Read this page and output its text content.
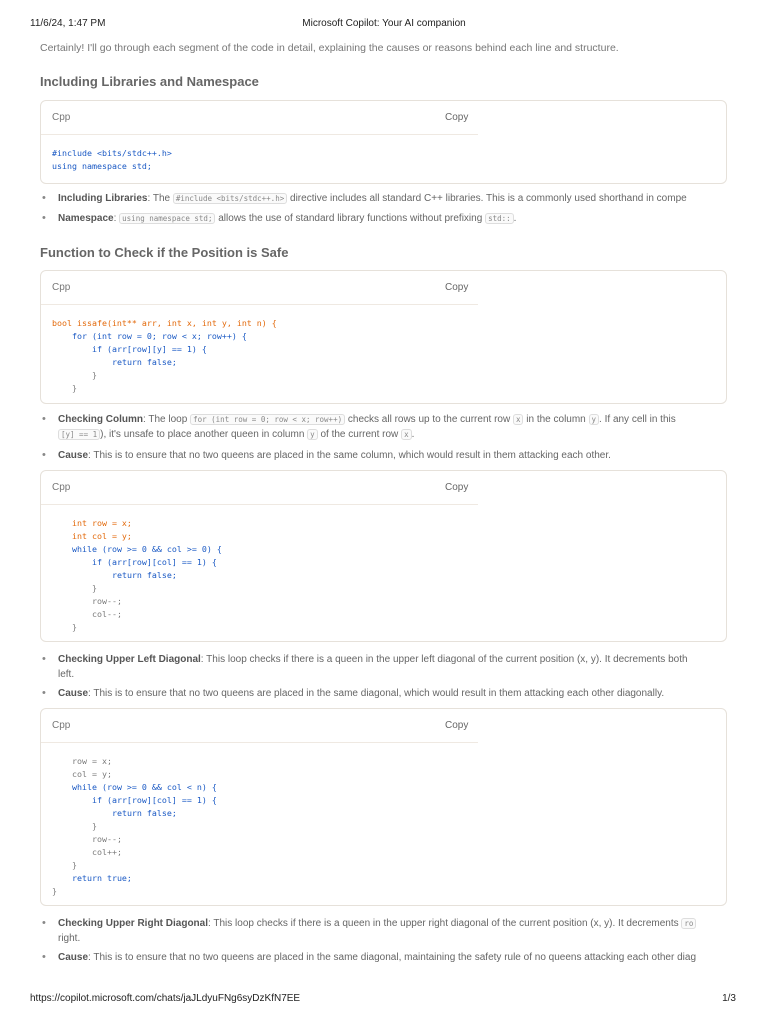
11/6/24, 1:47 PM	Microsoft Copilot: Your AI companion
Certainly! I'll go through each segment of the code in detail, explaining the causes or reasons behind each line and structure.
Including Libraries and Namespace
Cpp	Copy
#include <bits/stdc++.h>
using namespace std;
• Including Libraries: The #include <bits/stdc++.h> directive includes all standard C++ libraries. This is a commonly used shorthand in compe
• Namespace: using namespace std; allows the use of standard library functions without prefixing std:: .
Function to Check if the Position is Safe
Cpp	Copy
bool issafe(int** arr, int x, int y, int n) {
for (int row = 0; row < x; row++) {
if (arr[row][y] == 1) {
return false;
}
}
• Checking Column: The loop for (int row = 0; row < x; row++) checks all rows up to the current row x in the column y . If any cell in this
[y] == 1 ), it's unsafe to place another queen in column y of the current row x .
• Cause: This is to ensure that no two queens are placed in the same column, which would result in them attacking each other.
Cpp	Copy
int row = x;
int col = y;
while (row >= 0 && col >= 0) {
if (arr[row][col] == 1) {
return false;
}
row--;
col--;
}
• Checking Upper Left Diagonal: This loop checks if there is a queen in the upper left diagonal of the current position (x, y). It decrements both
left.
• Cause: This is to ensure that no two queens are placed in the same diagonal, which would result in them attacking each other diagonally.
Cpp	Copy
row = x;
col = y;
while (row >= 0 && col < n) {
if (arr[row][col] == 1) {
return false;
}
row--;
col++;
}
return true;
}
• Checking Upper Right Diagonal: This loop checks if there is a queen in the upper right diagonal of the current position (x, y). It decrements ro
right.
• Cause: This is to ensure that no two queens are placed in the same diagonal, maintaining the safety rule of no queens attacking each other diag
https://copilot.microsoft.com/chats/jaJLdyuFNg6syDzKfN7EE	1/3
